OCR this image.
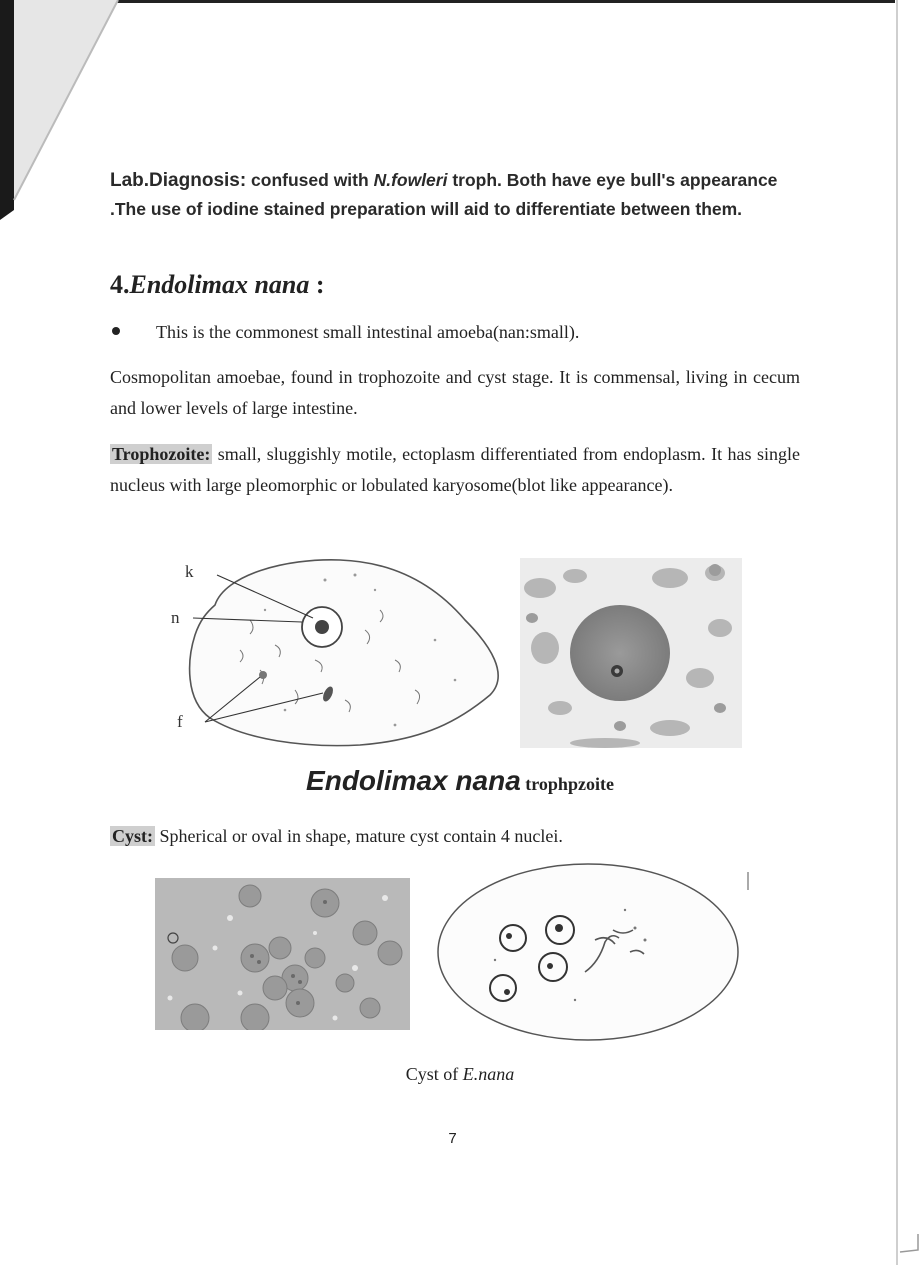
Lab.Diagnosis: confused with N.fowleri troph. Both have eye bull's appearance .The use of iodine stained preparation will aid to differentiate between them.
4.Endolimax nana :
This is the commonest small intestinal amoeba(nan:small).
Cosmopolitan amoebae, found in trophozoite and cyst stage. It is commensal, living in cecum and lower levels of large intestine.
Trophozoite: small, sluggishly motile, ectoplasm differentiated from endoplasm. It has single nucleus with large pleomorphic or lobulated karyosome(blot like appearance).
k
n
f
Endolimax nana trophpzoite
Cyst: Spherical or oval in shape, mature cyst contain 4 nuclei.
Cyst of E.nana
7
